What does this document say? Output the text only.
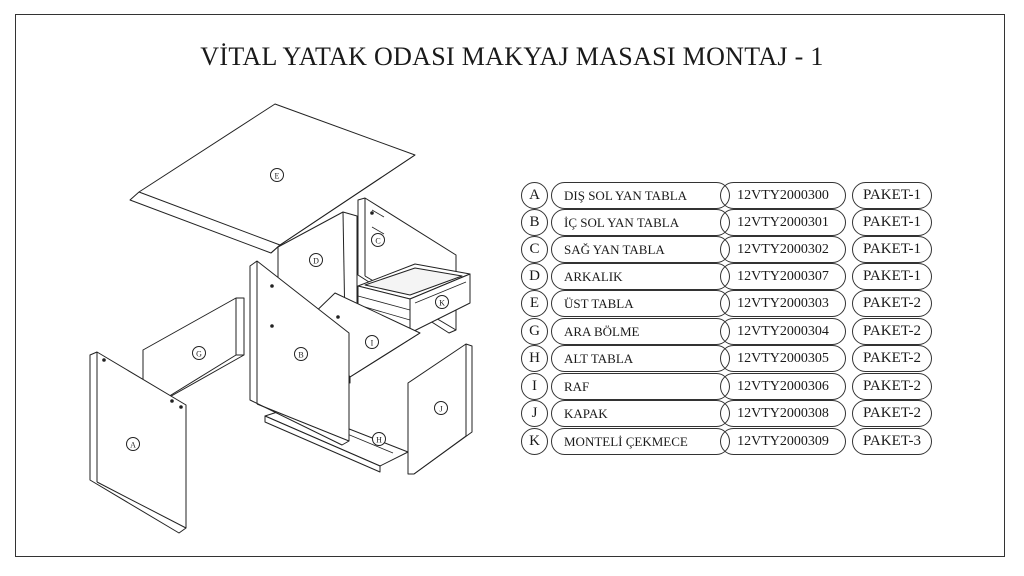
VİTAL YATAK ODASI MAKYAJ MASASI MONTAJ - 1
E
D
C
K
G	B
I
A
H
J
A	DIŞ SOL YAN TABLA	12VTY2000300	PAKET-1
B	İÇ SOL YAN TABLA	12VTY2000301	PAKET-1
C	SAĞ YAN TABLA	12VTY2000302	PAKET-1
D	ARKALIK	12VTY2000307	PAKET-1
E	ÜST TABLA	12VTY2000303	PAKET-2
G	ARA BÖLME	12VTY2000304	PAKET-2
H	ALT TABLA	12VTY2000305	PAKET-2
I	RAF	12VTY2000306	PAKET-2
J	KAPAK	12VTY2000308	PAKET-2
K	MONTELİ ÇEKMECE	12VTY2000309	PAKET-3
